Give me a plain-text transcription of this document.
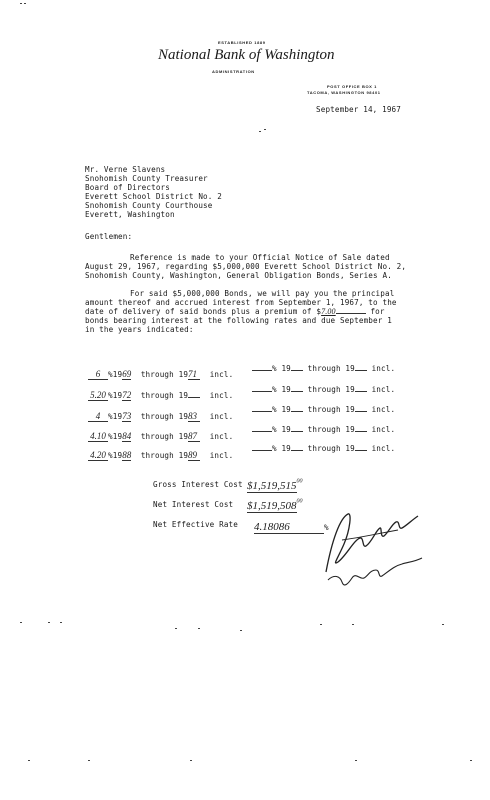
ESTABLISHED 1889
National Bank of Washington
ADMINISTRATION
POST OFFICE BOX 1
TACOMA, WASHINGTON 98401
September 14, 1967
Mr. Verne Slavens
Snohomish County Treasurer
Board of Directors
Everett School District No. 2
Snohomish County Courthouse
Everett, Washington
Gentlemen:
Reference is made to your Official Notice of Sale dated
August 29, 1967, regarding $5,000,000 Everett School District No. 2,
Snohomish County, Washington, General Obligation Bonds, Series A.
For said $5,000,000 Bonds, we will pay you the principal
amount thereof and accrued interest from September 1, 1967, to the
date of delivery of said bonds plus a premium of $7.00	for
bonds bearing interest at the following rates and due September 1
in the years indicated:
6 %1969 through 1971 incl.
5.20 %1972 through 19	incl.
4 %1973 through 1983 incl.
4.10 %1984 through 1987 incl.
4.20 %1988 through 1989 incl.
% 19 through 19 incl.
% 19 through 19 incl.
% 19 through 19 incl.
% 19 through 19 incl.
% 19 through 19 incl.
Gross Interest Cost $1,519,515$^{00}$
Net Interest Cost $1,519,508$^{00}$
Net Effective Rate 4.18086	%
